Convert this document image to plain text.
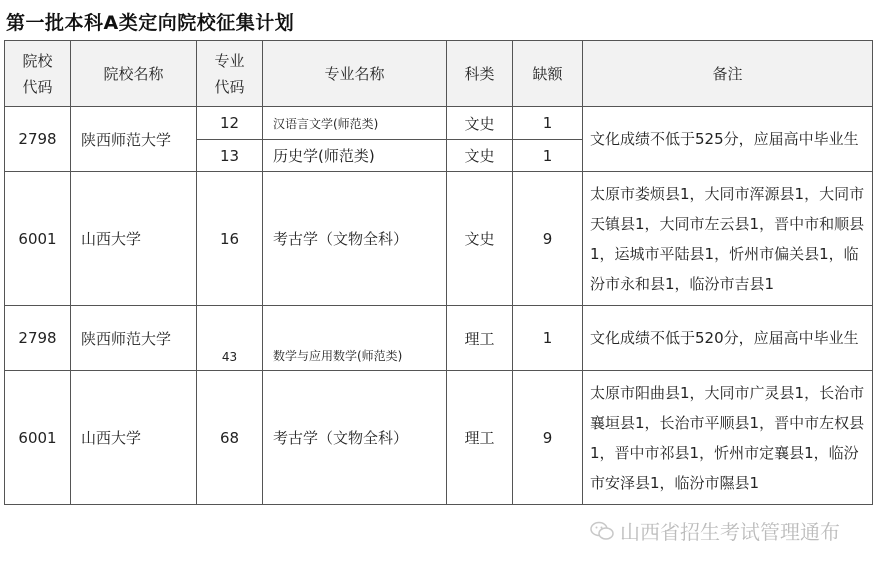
第一批本科A类定向院校征集计划
院校代码	院校名称	专业代码	专业名称	科类	缺额	备注
2798	陕西师范大学	12	汉语言文学(师范类)	文史	1	文化成绩不低于525分，应届高中毕业生
		13	历史学(师范类)	文史	1	
6001	山西大学	16	考古学（文物全科）	文史	9	太原市娄烦县1，大同市浑源县1，大同市天镇县1，大同市左云县1，晋中市和顺县1，运城市平陆县1，忻州市偏关县1，临汾市永和县1，临汾市吉县1
2798	陕西师范大学	43	数学与应用数学(师范类)	理工	1	文化成绩不低于520分，应届高中毕业生
6001	山西大学	68	考古学（文物全科）	理工	9	太原市阳曲县1，大同市广灵县1，长治市襄垣县1，长治市平顺县1，晋中市左权县1，晋中市祁县1，忻州市定襄县1，临汾市安泽县1，临汾市隰县1
山西省招生考试管理通布
